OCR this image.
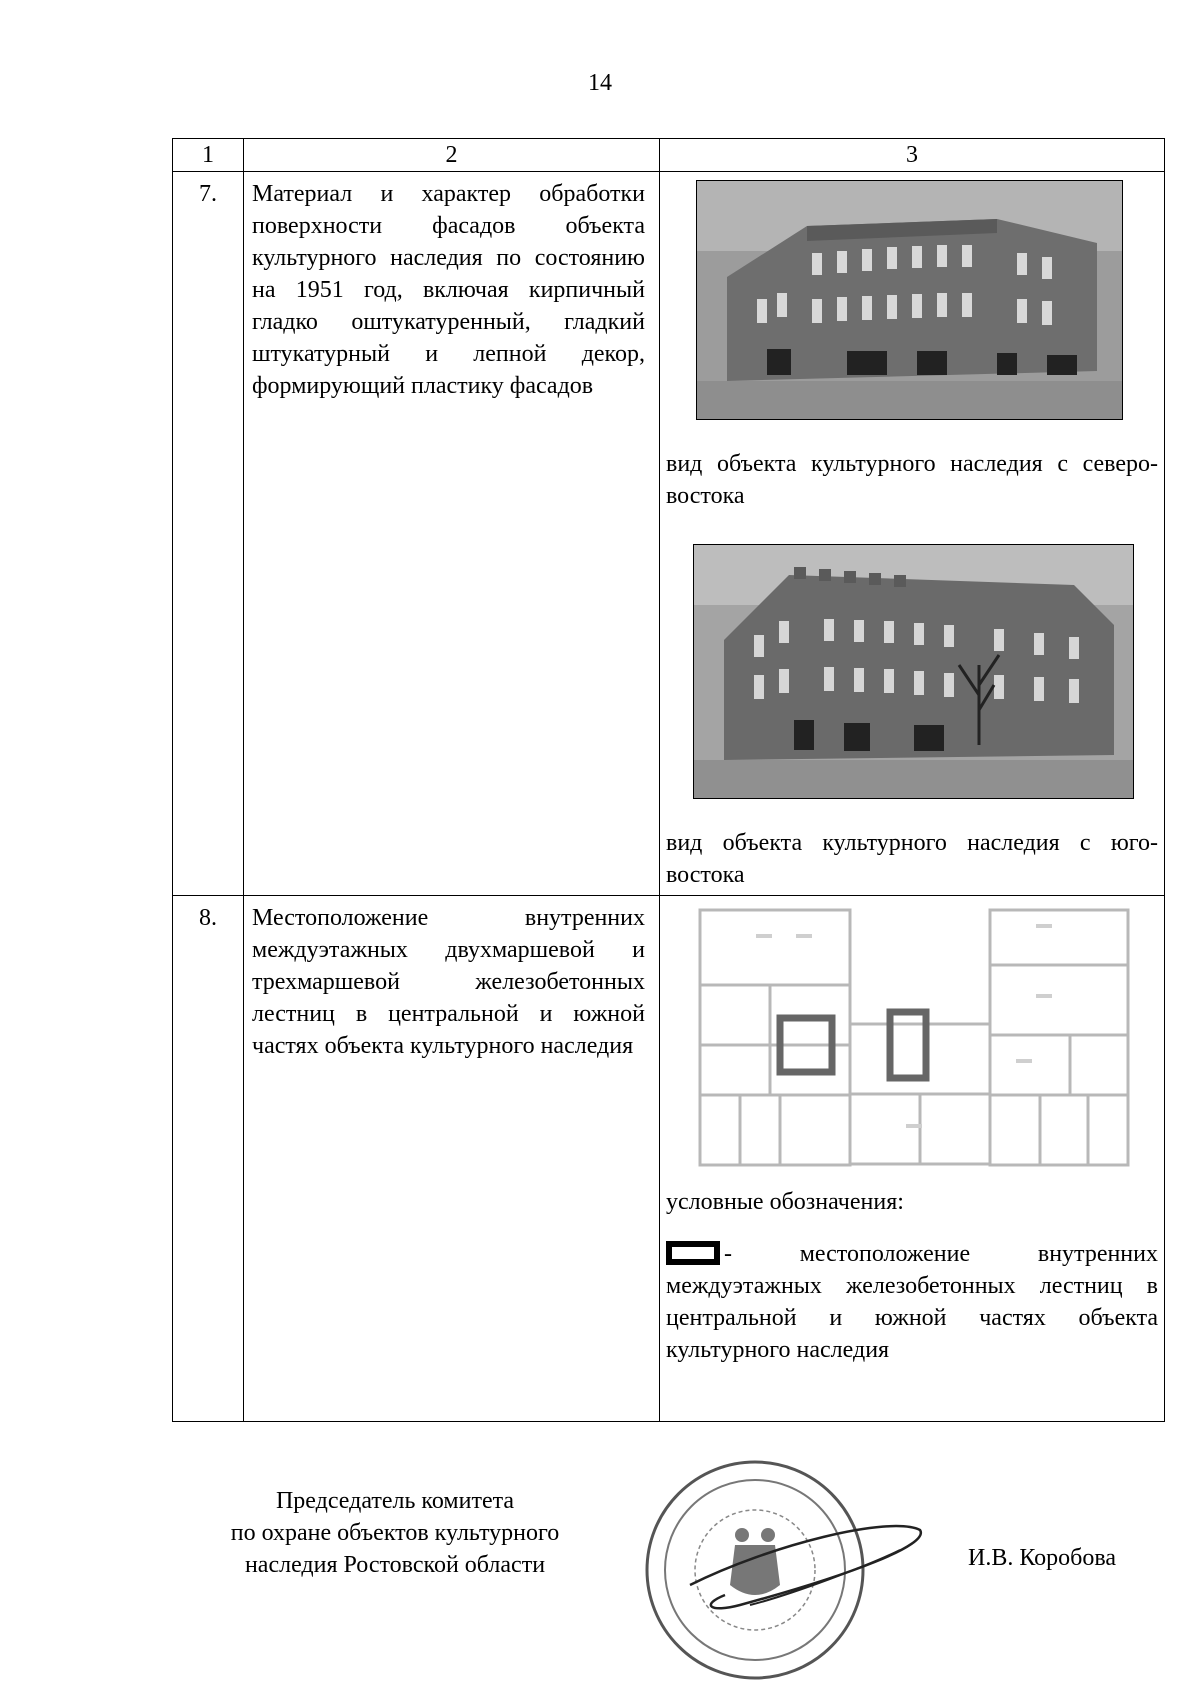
14
1	2	3
7.	Материал и характер обработки поверхности фасадов объекта культурного наследия по состоянию на 1951 год, включая кирпичный гладко оштукатуренный, гладкий штукатурный и лепной декор, формирующий пластику фасадов	вид объекта культурного наследия с северо-востока
вид объекта культурного наследия с юго-востока

8.	Местоположение внутренних междуэтажных двухмаршевой и трехмаршевой железобетонных лестниц в центральной и южной частях объекта культурного наследия	условные обозначения:
- местоположение внутренних междуэтажных железобетонных лестниц в центральной и южной частях объекта культурного наследия
Председатель комитета
по охране объектов культурного
наследия Ростовской области	И.В. Коробова
